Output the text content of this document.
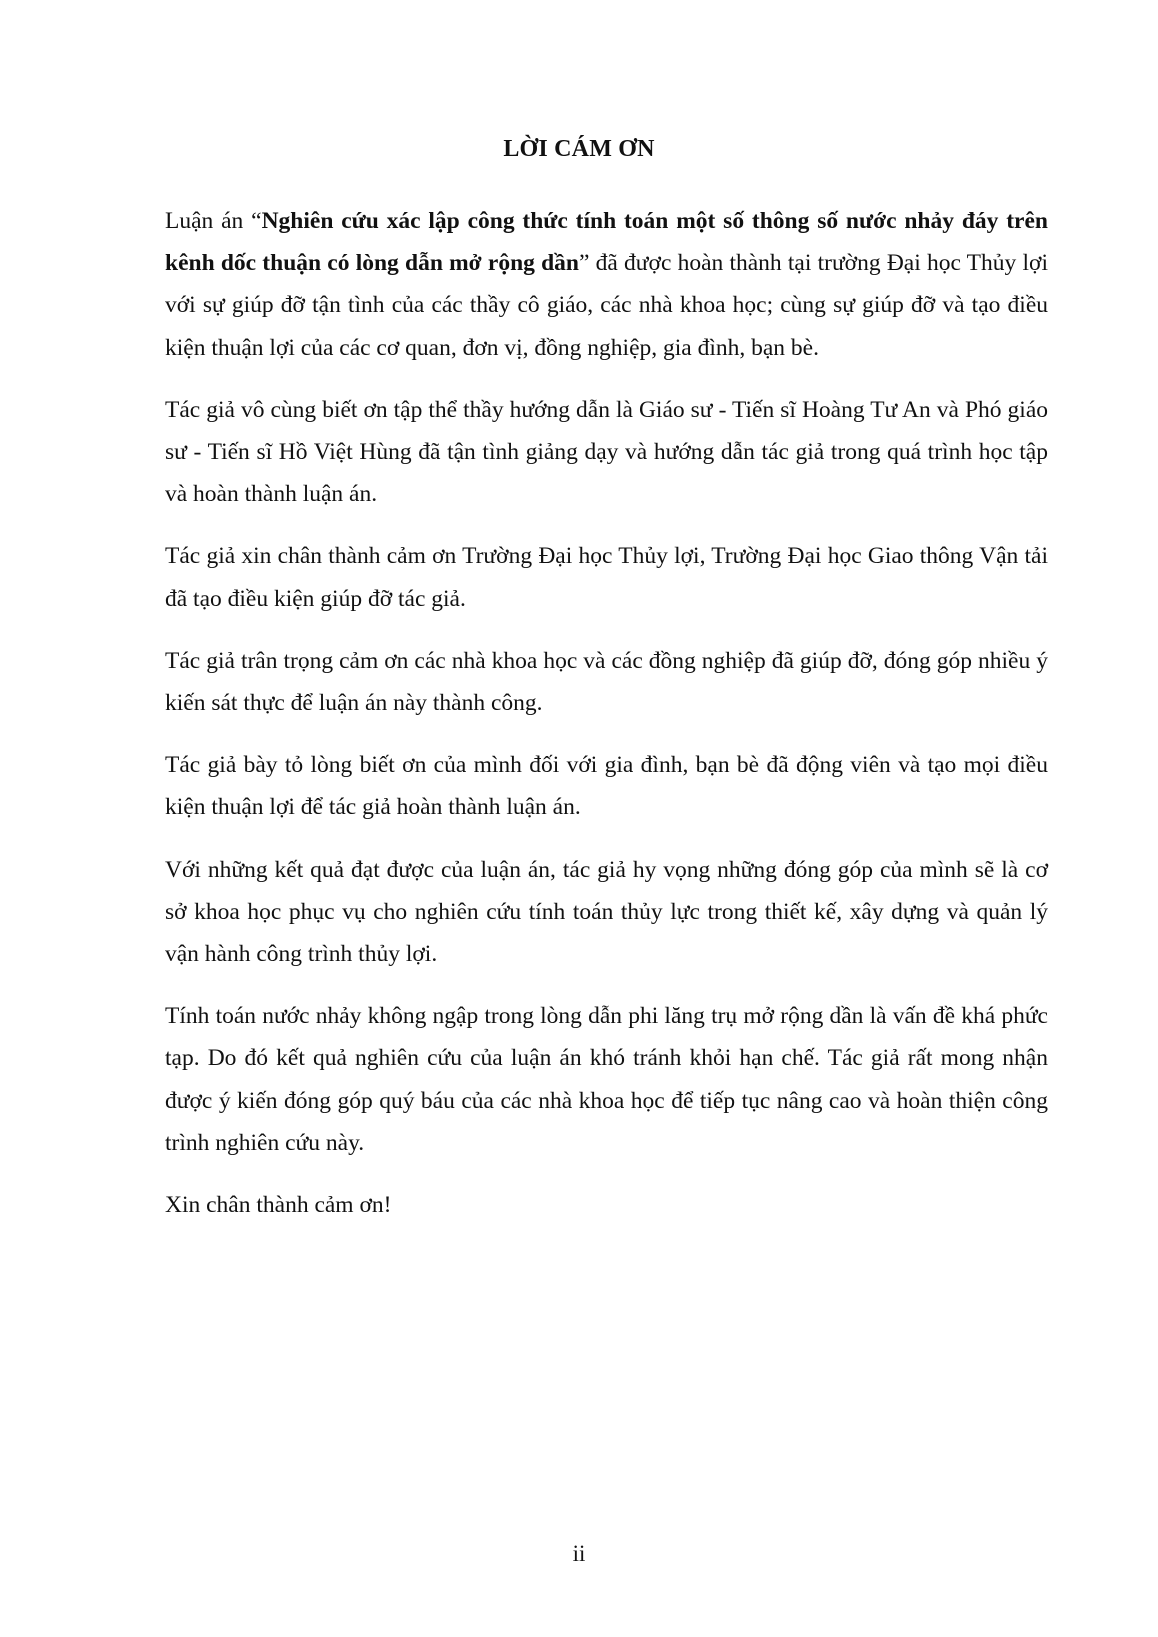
LỜI CÁM ƠN

Luận án “Nghiên cứu xác lập công thức tính toán một số thông số nước nhảy đáy trên kênh dốc thuận có lòng dẫn mở rộng dần” đã được hoàn thành tại trường Đại học Thủy lợi với sự giúp đỡ tận tình của các thầy cô giáo, các nhà khoa học; cùng sự giúp đỡ và tạo điều kiện thuận lợi của các cơ quan, đơn vị, đồng nghiệp, gia đình, bạn bè.

Tác giả vô cùng biết ơn tập thể thầy hướng dẫn là Giáo sư - Tiến sĩ Hoàng Tư An và Phó giáo sư - Tiến sĩ Hồ Việt Hùng đã tận tình giảng dạy và hướng dẫn tác giả trong quá trình học tập và hoàn thành luận án.

Tác giả xin chân thành cảm ơn Trường Đại học Thủy lợi, Trường Đại học Giao thông Vận tải đã tạo điều kiện giúp đỡ tác giả.

Tác giả trân trọng cảm ơn các nhà khoa học và các đồng nghiệp đã giúp đỡ, đóng góp nhiều ý kiến sát thực để luận án này thành công.

Tác giả bày tỏ lòng biết ơn của mình đối với gia đình, bạn bè đã động viên và tạo mọi điều kiện thuận lợi để tác giả hoàn thành luận án.

Với những kết quả đạt được của luận án, tác giả hy vọng những đóng góp của mình sẽ là cơ sở khoa học phục vụ cho nghiên cứu tính toán thủy lực trong thiết kế, xây dựng và quản lý vận hành công trình thủy lợi.

Tính toán nước nhảy không ngập trong lòng dẫn phi lăng trụ mở rộng dần là vấn đề khá phức tạp. Do đó kết quả nghiên cứu của luận án khó tránh khỏi hạn chế. Tác giả rất mong nhận được ý kiến đóng góp quý báu của các nhà khoa học để tiếp tục nâng cao và hoàn thiện công trình nghiên cứu này.

Xin chân thành cảm ơn!

ii
